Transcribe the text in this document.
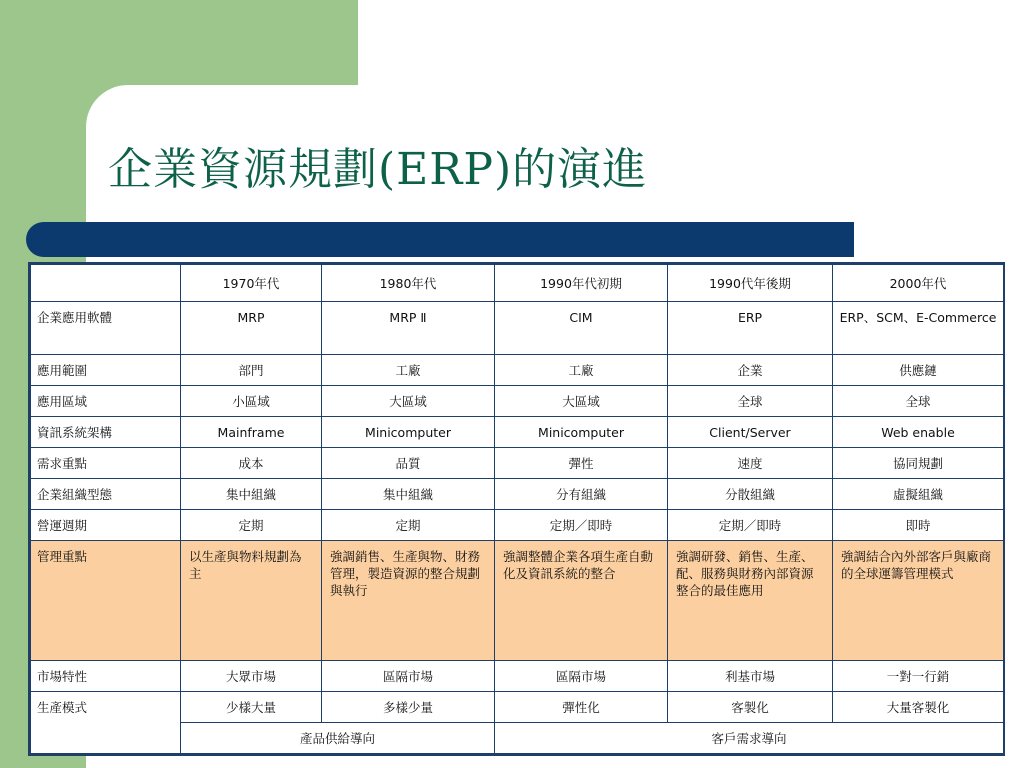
企業資源規劃(ERP)的演進
	1970年代	1980年代	1990年代初期	1990代年後期	2000年代
企業應用軟體	MRP	MRP Ⅱ	CIM	ERP	ERP、SCM、E-Commerce
應用範圍	部門	工廠	工廠	企業	供應鏈
應用區域	小區域	大區域	大區域	全球	全球
資訊系統架構	Mainframe	Minicomputer	Minicomputer	Client/Server	Web enable
需求重點	成本	品質	彈性	速度	協同規劃
企業組織型態	集中組織	集中組織	分有組織	分散組織	虛擬組織
營運週期	定期	定期	定期／即時	定期／即時	即時
管理重點	以生產與物料規劃為主	強調銷售、生產與物、財務管理，製造資源的整合規劃與執行	強調整體企業各項生產自動化及資訊系統的整合	強調研發、銷售、生產、配、服務與財務內部資源整合的最佳應用	強調結合內外部客戶與廠商的全球運籌管理模式
市場特性	大眾市場	區隔市場	區隔市場	利基市場	一對一行銷
生產模式	少樣大量	多樣少量	彈性化	客製化	大量客製化
	產品供給導向		客戶需求導向		
